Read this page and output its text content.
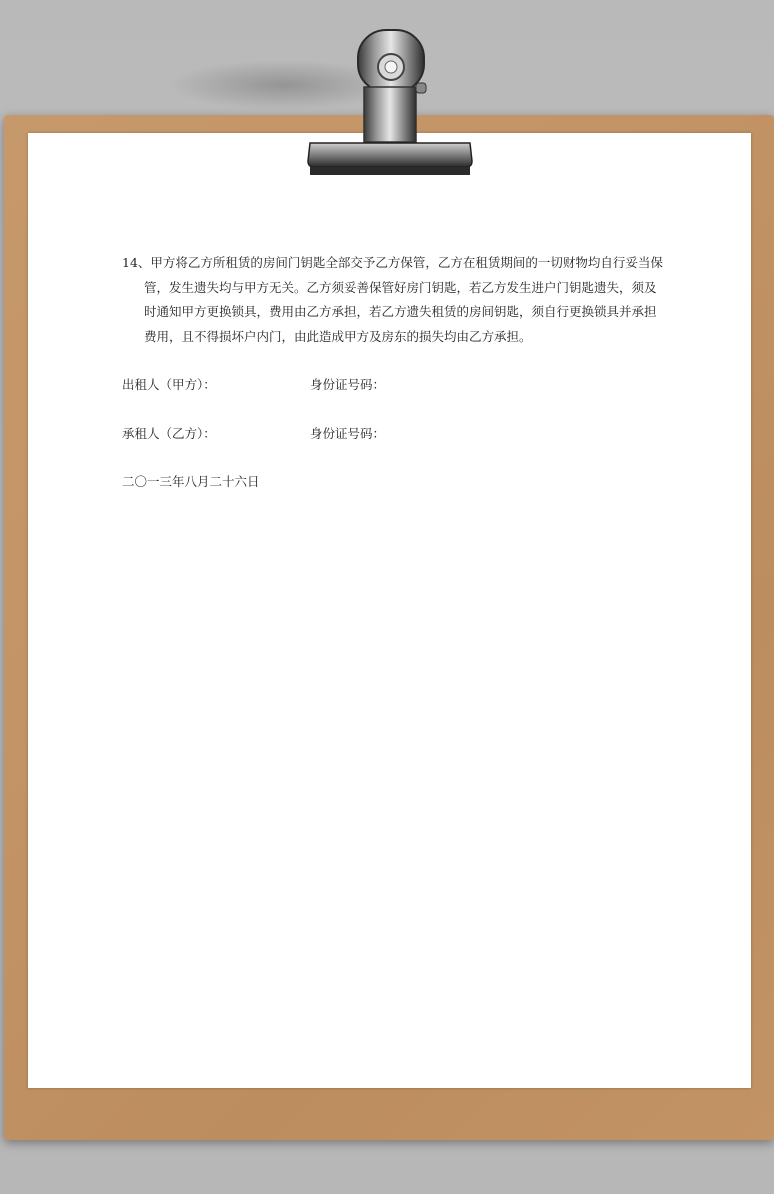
14、甲方将乙方所租赁的房间门钥匙全部交予乙方保管，乙方在租赁期间的一切财物均自行妥当保
管，发生遗失均与甲方无关。乙方须妥善保管好房门钥匙，若乙方发生进户门钥匙遗失，须及
时通知甲方更换锁具，费用由乙方承担，若乙方遗失租赁的房间钥匙，须自行更换锁具并承担
费用，且不得损坏户内门，由此造成甲方及房东的损失均由乙方承担。
出租人（甲方）：	身份证号码：
承租人（乙方）：	身份证号码：
二〇一三年八月二十六日
